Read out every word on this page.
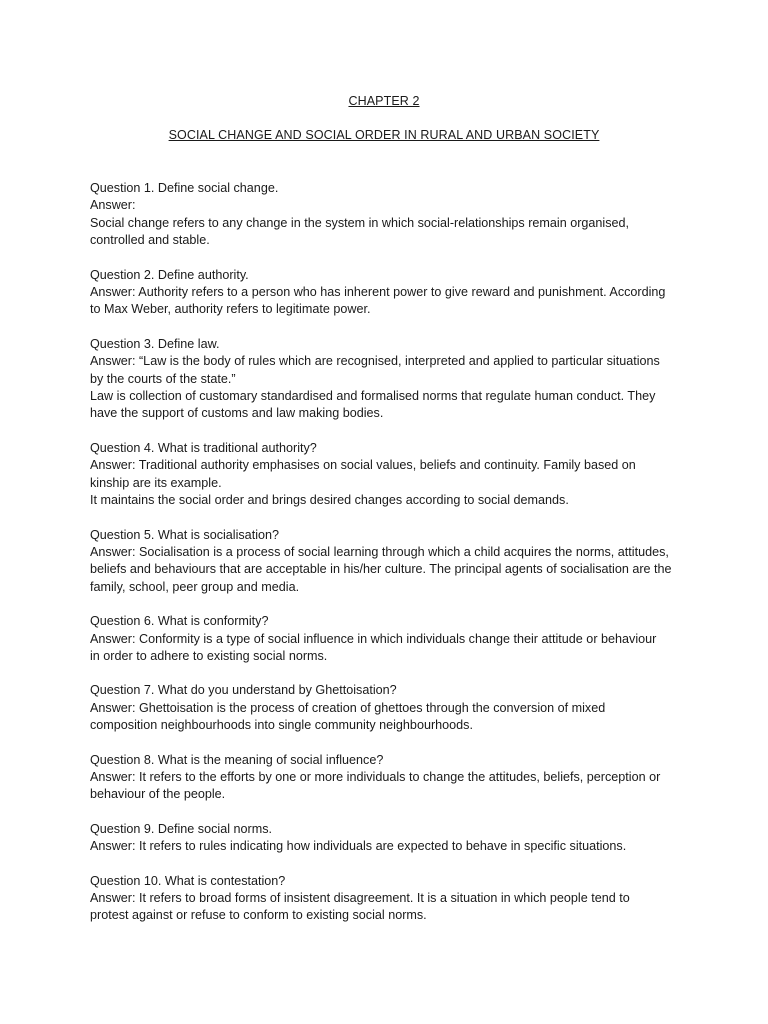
CHAPTER 2
SOCIAL CHANGE AND SOCIAL ORDER IN RURAL AND URBAN SOCIETY
Question 1. Define social change.
Answer:
Social change refers to any change in the system in which social-relationships remain organised,
controlled and stable.
Question 2. Define authority.
Answer: Authority refers to a person who has inherent power to give reward and punishment. According
to Max Weber, authority refers to legitimate power.
Question 3. Define law.
Answer: “Law is the body of rules which are recognised, interpreted and applied to particular situations
by the courts of the state.”
Law is collection of customary standardised and formalised norms that regulate human conduct. They
have the support of customs and law making bodies.
Question 4. What is traditional authority?
Answer: Traditional authority emphasises on social values, beliefs and continuity. Family based on
kinship are its example.
It maintains the social order and brings desired changes according to social demands.
Question 5. What is socialisation?
Answer: Socialisation is a process of social learning through which a child acquires the norms, attitudes,
beliefs and behaviours that are acceptable in his/her culture. The principal agents of socialisation are the
family, school, peer group and media.
Question 6. What is conformity?
Answer: Conformity is a type of social influence in which individuals change their attitude or behaviour
in order to adhere to existing social norms.
Question 7. What do you understand by Ghettoisation?
Answer: Ghettoisation is the process of creation of ghettoes through the conversion of mixed
composition neighbourhoods into single community neighbourhoods.
Question 8. What is the meaning of social influence?
Answer: It refers to the efforts by one or more individuals to change the attitudes, beliefs, perception or
behaviour of the people.
Question 9. Define social norms.
Answer: It refers to rules indicating how individuals are expected to behave in specific situations.
Question 10. What is contestation?
Answer: It refers to broad forms of insistent disagreement. It is a situation in which people tend to
protest against or refuse to conform to existing social norms.
